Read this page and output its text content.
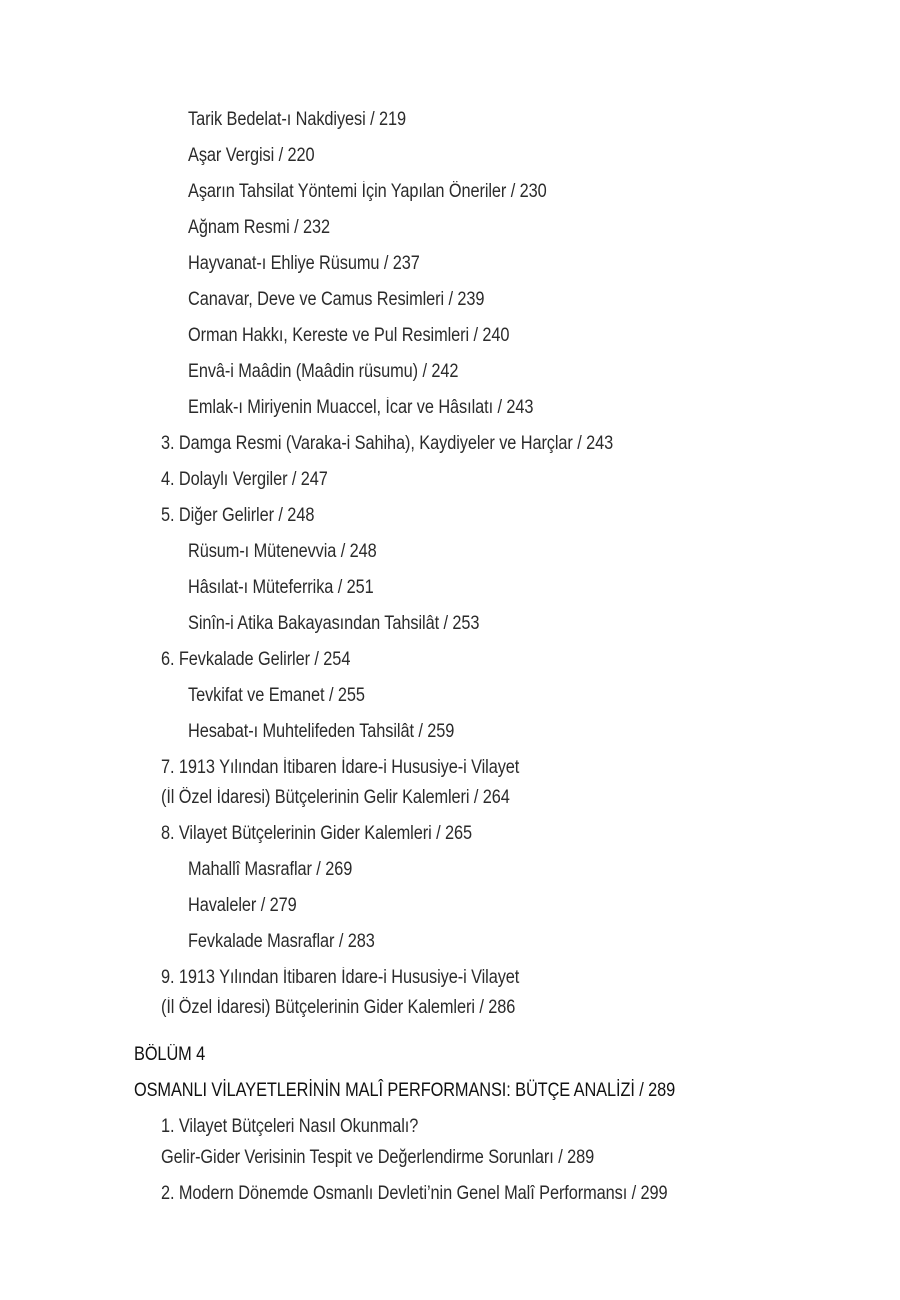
Tarik Bedelat-ı Nakdiyesi / 219
Aşar Vergisi / 220
Aşarın Tahsilat Yöntemi İçin Yapılan Öneriler / 230
Ağnam Resmi / 232
Hayvanat-ı Ehliye Rüsumu / 237
Canavar, Deve ve Camus Resimleri / 239
Orman Hakkı, Kereste ve Pul Resimleri / 240
Envâ-i Maâdin (Maâdin rüsumu) / 242
Emlak-ı Miriyenin Muaccel, İcar ve Hâsılatı / 243
3. Damga Resmi (Varaka-i Sahiha), Kaydiyeler ve Harçlar / 243
4. Dolaylı Vergiler / 247
5. Diğer Gelirler / 248
Rüsum-ı Mütenevvia / 248
Hâsılat-ı Müteferrika / 251
Sinîn-i Atika Bakayasından Tahsilât / 253
6. Fevkalade Gelirler / 254
Tevkifat ve Emanet / 255
Hesabat-ı Muhtelifeden Tahsilât / 259
7. 1913 Yılından İtibaren İdare-i Hususiye-i Vilayet
(İl Özel İdaresi) Bütçelerinin Gelir Kalemleri / 264
8. Vilayet Bütçelerinin Gider Kalemleri / 265
Mahallî Masraflar / 269
Havaleler / 279
Fevkalade Masraflar / 283
9. 1913 Yılından İtibaren İdare-i Hususiye-i Vilayet
(İl Özel İdaresi) Bütçelerinin Gider Kalemleri / 286
BÖLÜM 4
OSMANLI VİLAYETLERİNİN MALÎ PERFORMANSI: BÜTÇE ANALİZİ / 289
1. Vilayet Bütçeleri Nasıl Okunmalı?
Gelir-Gider Verisinin Tespit ve Değerlendirme Sorunları / 289
2. Modern Dönemde Osmanlı Devleti’nin Genel Malî Performansı / 299
